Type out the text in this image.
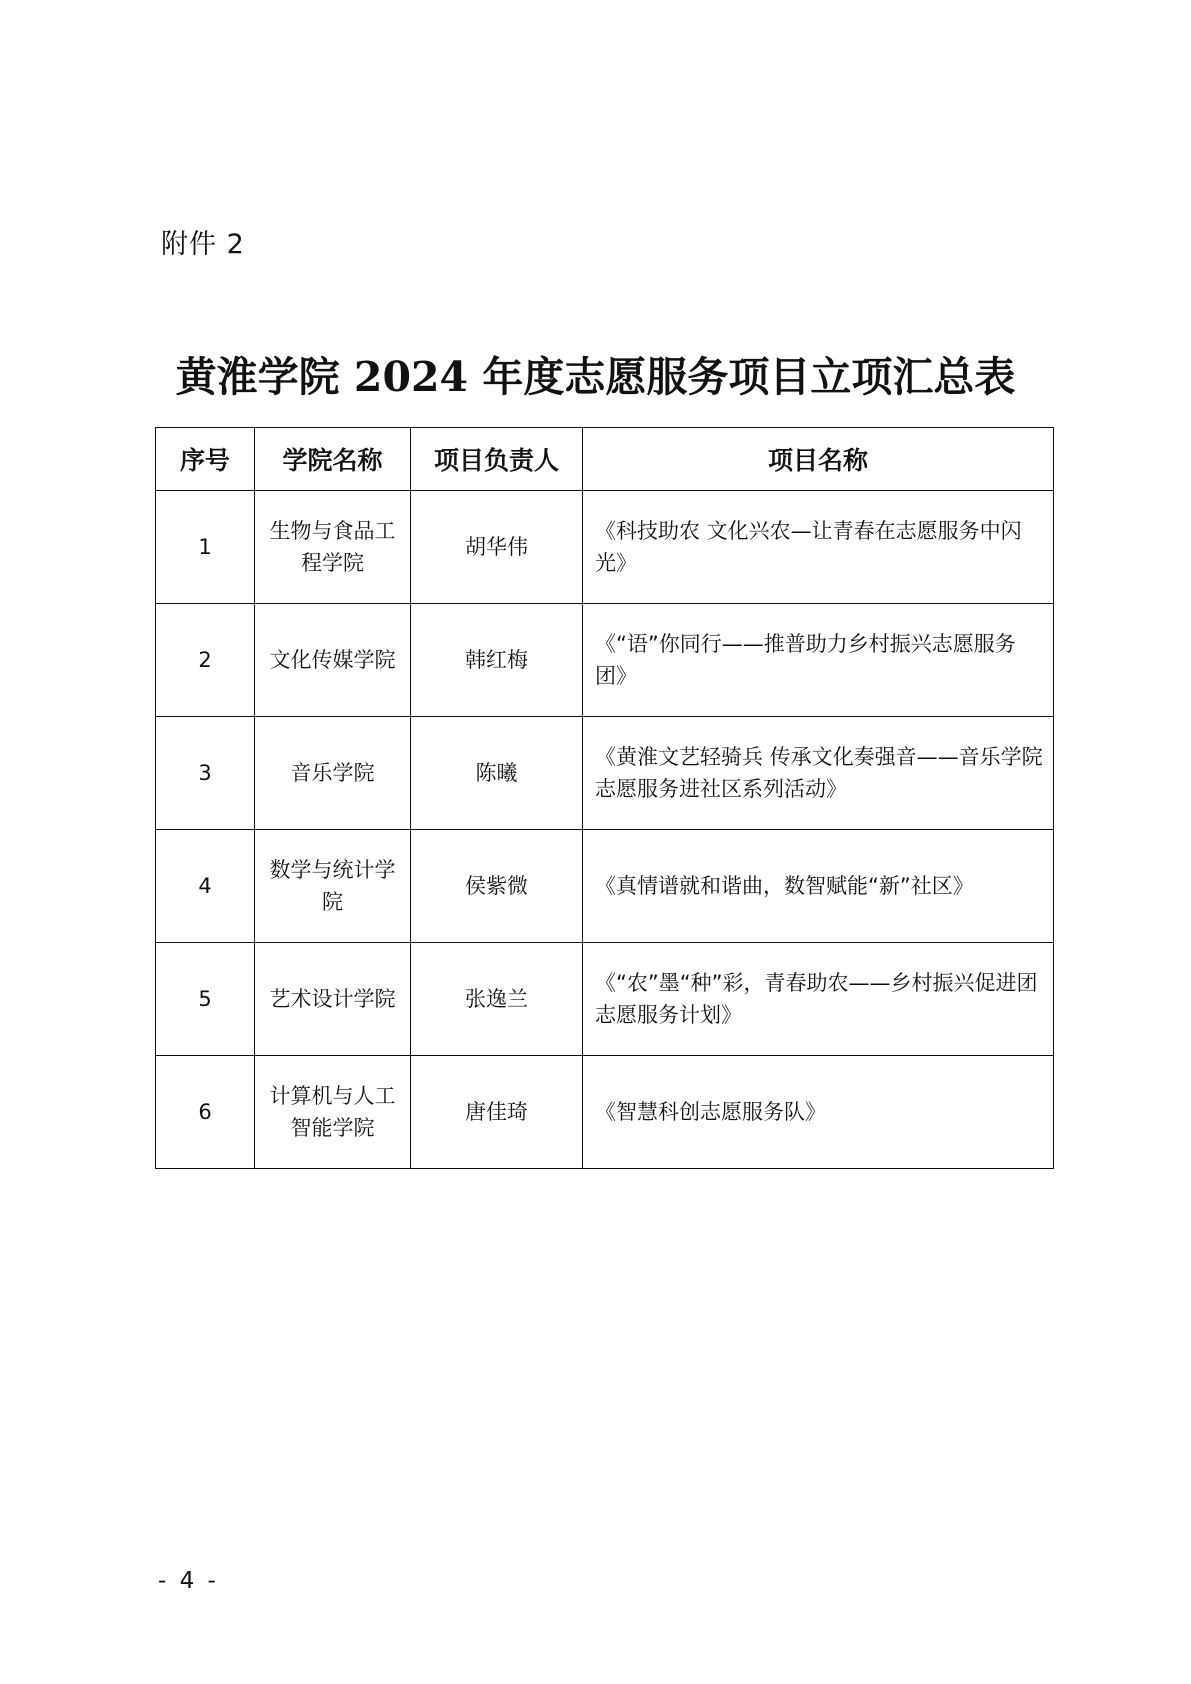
附件 2
黄淮学院 2024 年度志愿服务项目立项汇总表
序号	学院名称	项目负责人	项目名称
1	生物与食品工程学院	胡华伟	《科技助农 文化兴农—让青春在志愿服务中闪光》
2	文化传媒学院	韩红梅	《“语”你同行——推普助力乡村振兴志愿服务团》
3	音乐学院	陈曦	《黄淮文艺轻骑兵 传承文化奏强音——音乐学院志愿服务进社区系列活动》
4	数学与统计学院	侯紫微	《真情谱就和谐曲，数智赋能“新”社区》
5	艺术设计学院	张逸兰	《“农”墨“种”彩，青春助农——乡村振兴促进团志愿服务计划》
6	计算机与人工智能学院	唐佳琦	《智慧科创志愿服务队》
- 4 -
